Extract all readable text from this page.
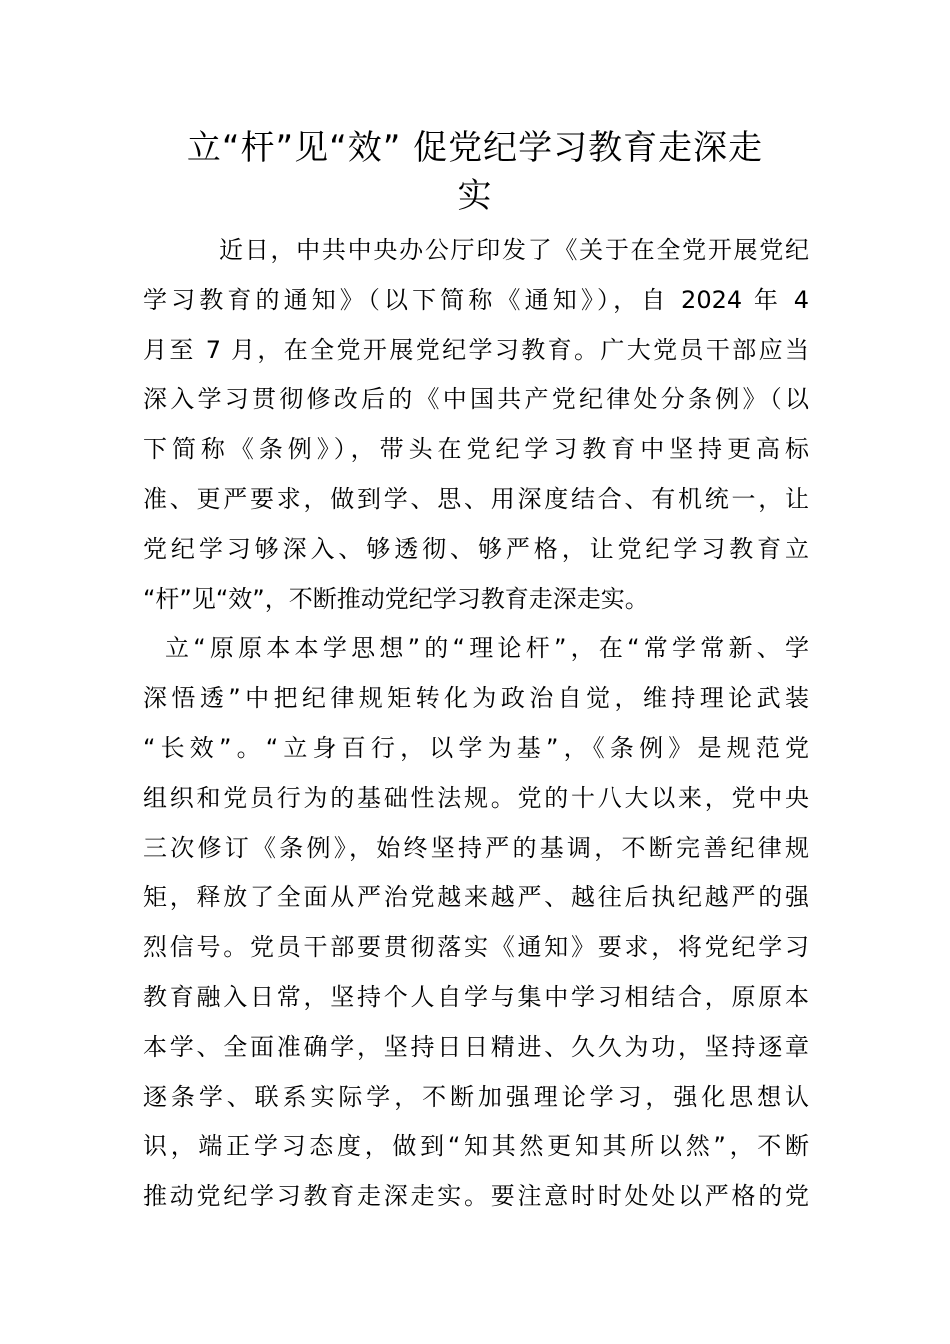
立“杆”见“效” 促党纪学习教育走深走
实
近日，中共中央办公厅印发了《关于在全党开展党纪
学习教育的通知》（以下简称《通知》），自 2024 年 4
月至 7 月，在全党开展党纪学习教育。广大党员干部应当
深入学习贯彻修改后的《中国共产党纪律处分条例》（以
下简称《条例》），带头在党纪学习教育中坚持更高标
准、更严要求，做到学、思、用深度结合、有机统一，让
党纪学习够深入、够透彻、够严格，让党纪学习教育立
“杆”见“效”，不断推动党纪学习教育走深走实。
立“原原本本学思想”的“理论杆”，在“常学常新、学
深悟透”中把纪律规矩转化为政治自觉，维持理论武装
“长效”。“立身百行，以学为基”，《条例》是规范党
组织和党员行为的基础性法规。党的十八大以来，党中央
三次修订《条例》，始终坚持严的基调，不断完善纪律规
矩，释放了全面从严治党越来越严、越往后执纪越严的强
烈信号。党员干部要贯彻落实《通知》要求，将党纪学习
教育融入日常，坚持个人自学与集中学习相结合，原原本
本学、全面准确学，坚持日日精进、久久为功，坚持逐章
逐条学、联系实际学，不断加强理论学习，强化思想认
识，端正学习态度，做到“知其然更知其所以然”，不断
推动党纪学习教育走深走实。要注意时时处处以严格的党
